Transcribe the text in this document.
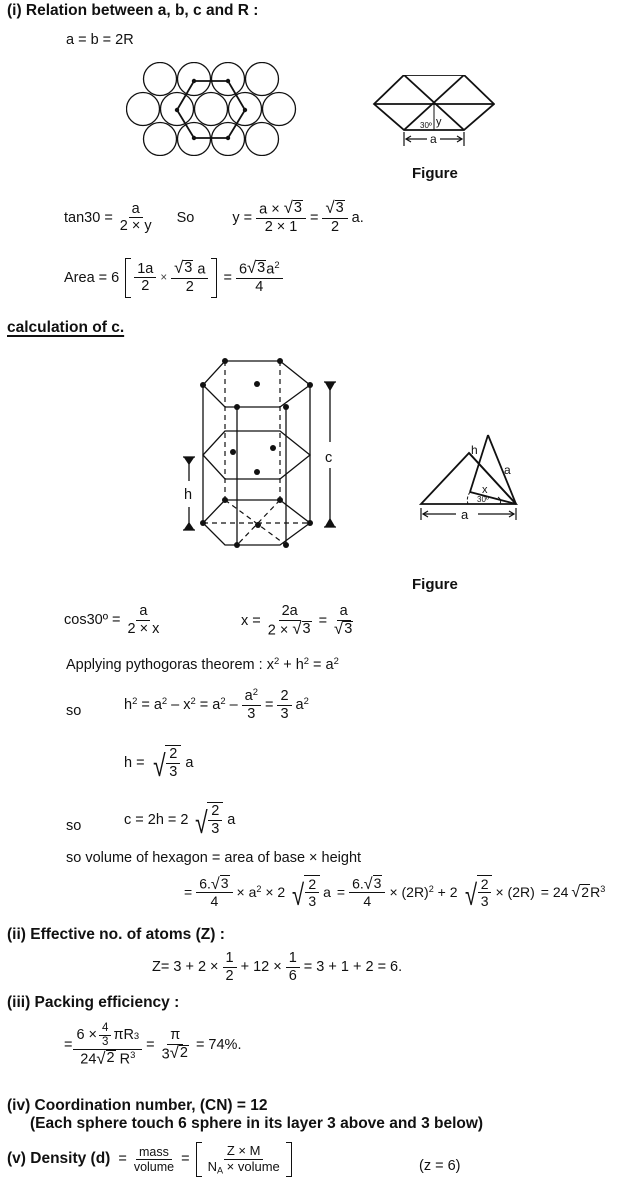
(i) Relation between a, b, c and R :
a = b = 2R
30º y
a
Figure
$\tan 30 = \frac{a}{2 \times y}$ So	$y = \frac{a \times √ 3}{2 \times 1} = \frac{√ 3}{2} a$.
Area = $6 \frac{1a}{2} \times \frac{√ 3 a}{2} = \frac{6 √ 3 a^2}{4}$
calculation of c.
c
h
h
a
x
30º
a
Figure
cos30º = $\frac{a}{2 \times x}$	$x = \frac{2a}{2 \times √ 3} = \frac{a}{√ 3}$
Applying pythogoras theorem : $x^2 + h^2 = a^2$
so	$h^2 = a^2 - x^2 = a^2 - \frac{a^2}{3} = \frac{2}{3} a^2$
h = √ $\frac{2}{3}$ a
so	c = 2h = 2 √ $\frac{2}{3}$ a
so volume of hexagon = area of base × height
= $\frac{6. √ 3}{4} \times a^2 \times 2$ √ $\frac{2}{3}$ $a = \frac{6. √ 3}{4} \times (2R)^2 + 2$ √ $\frac{2}{3} \times (2R) = 24$ √ 2 $R^3$
(ii) Effective no. of atoms (Z) :
$Z= 3 + 2 \times \frac{1}{2} + 12 \times \frac{1}{6} = 3 + 1 + 2 = 6$.
(iii) Packing efficiency :
= $\frac{6 \times \frac{4}{3} \pi R 3}{24 √ 2 R^3} = \frac{\pi}{3 √ 2} = 74\%$.
(iv) Coordination number, (CN) = 12
(Each sphere touch 6 sphere in its layer 3 above and 3 below)
(v) Density $(d) = \frac{\text{mass}}{\text{volume}} = \frac{Z \times M}{N_A \times volume}$	(z = 6)
